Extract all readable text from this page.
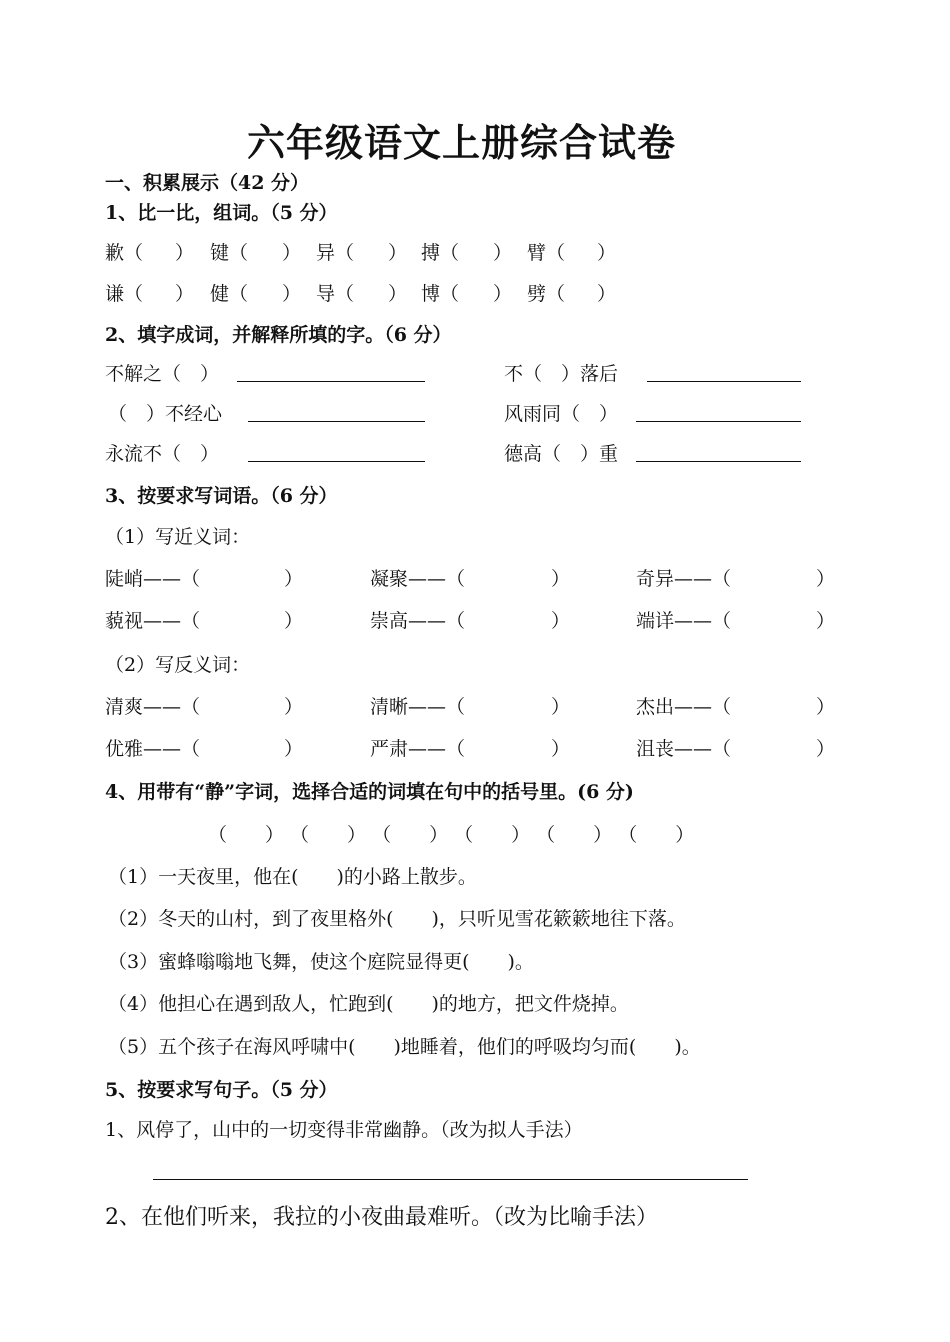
六年级语文上册综合试卷
一、积累展示（42 分）
1、比一比，组词。（5 分）
歉（ ） 键（ ） 异（ ） 搏（ ） 臂（ ）
谦（ ） 健（ ） 导（ ） 博（ ） 劈（ ）
2、填字成词，并解释所填的字。（6 分）
不解之（　）	不（　）落后
（　）不经心	风雨同（　）
永流不（　）	德高（　）重
3、按要求写词语。（6 分）
（1）写近义词：
陡峭——（	）	凝聚——（	）	奇异——（	）
藐视——（	）	崇高——（	）	端详——（	）
（2）写反义词：
清爽——（	）	清晰——（	）	杰出——（	）
优雅——（	）	严肃——（	）	沮丧——（	）
4、用带有“静”字词，选择合适的词填在句中的括号里。(6 分)
（　　） （　　） （　　） （　　） （　　） （　　）
（1）一天夜里，他在(　　)的小路上散步。
（2）冬天的山村，到了夜里格外(　　)，只听见雪花簌簌地往下落。
（3）蜜蜂嗡嗡地飞舞，使这个庭院显得更(　　)。
（4）他担心在遇到敌人，忙跑到(　　)的地方，把文件烧掉。
（5）五个孩子在海风呼啸中(　　)地睡着，他们的呼吸均匀而(　　)。
5、按要求写句子。（5 分）
1、风停了，山中的一切变得非常幽静。（改为拟人手法）
2、在他们听来，我拉的小夜曲最难听。（改为比喻手法）
